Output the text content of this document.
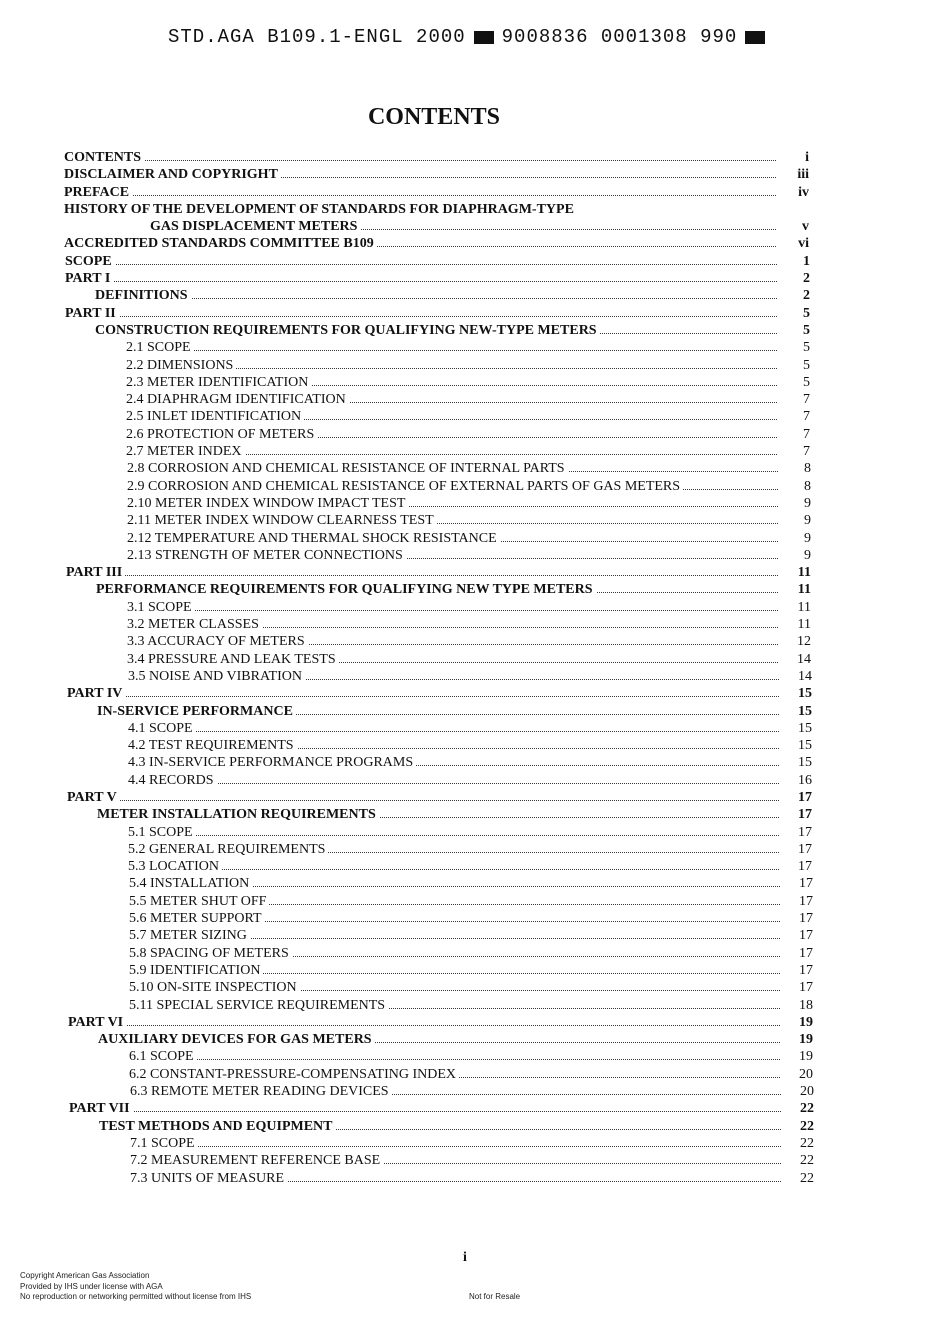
STD.AGA B109.1-ENGL 2000 9008836 0001308 990
CONTENTS
CONTENTS	i
DISCLAIMER AND COPYRIGHT	iii
PREFACE	iv
HISTORY OF THE DEVELOPMENT OF STANDARDS FOR DIAPHRAGM-TYPE
GAS DISPLACEMENT METERS	v
ACCREDITED STANDARDS COMMITTEE B109	vi
SCOPE	1
PART I	2
DEFINITIONS	2
PART II	5
CONSTRUCTION REQUIREMENTS FOR QUALIFYING NEW-TYPE METERS	5
2.1 SCOPE	5
2.2 DIMENSIONS	5
2.3 METER IDENTIFICATION	5
2.4 DIAPHRAGM IDENTIFICATION	7
2.5 INLET IDENTIFICATION	7
2.6 PROTECTION OF METERS	7
2.7 METER INDEX	7
2.8 CORROSION AND CHEMICAL RESISTANCE OF INTERNAL PARTS	8
2.9 CORROSION AND CHEMICAL RESISTANCE OF EXTERNAL PARTS OF GAS METERS	8
2.10 METER INDEX WINDOW IMPACT TEST	9
2.11 METER INDEX WINDOW CLEARNESS TEST	9
2.12 TEMPERATURE AND THERMAL SHOCK RESISTANCE	9
2.13 STRENGTH OF METER CONNECTIONS	9
PART III	11
PERFORMANCE REQUIREMENTS FOR QUALIFYING NEW TYPE METERS	11
3.1 SCOPE	11
3.2 METER CLASSES	11
3.3 ACCURACY OF METERS	12
3.4 PRESSURE AND LEAK TESTS	14
3.5 NOISE AND VIBRATION	14
PART IV	15
IN-SERVICE PERFORMANCE	15
4.1 SCOPE	15
4.2 TEST REQUIREMENTS	15
4.3 IN-SERVICE PERFORMANCE PROGRAMS	15
4.4 RECORDS	16
PART V	17
METER INSTALLATION REQUIREMENTS	17
5.1 SCOPE	17
5.2 GENERAL REQUIREMENTS	17
5.3 LOCATION	17
5.4 INSTALLATION	17
5.5 METER SHUT OFF	17
5.6 METER SUPPORT	17
5.7 METER SIZING	17
5.8 SPACING OF METERS	17
5.9 IDENTIFICATION	17
5.10 ON-SITE INSPECTION	17
5.11 SPECIAL SERVICE REQUIREMENTS	18
PART VI	19
AUXILIARY DEVICES FOR GAS METERS	19
6.1 SCOPE	19
6.2 CONSTANT-PRESSURE-COMPENSATING INDEX	20
6.3 REMOTE METER READING DEVICES	20
PART VII	22
TEST METHODS AND EQUIPMENT	22
7.1 SCOPE	22
7.2 MEASUREMENT REFERENCE BASE	22
7.3 UNITS OF MEASURE	22
i
Copyright American Gas Association
Provided by IHS under license with AGA
No reproduction or networking permitted without license from IHS	Not for Resale
